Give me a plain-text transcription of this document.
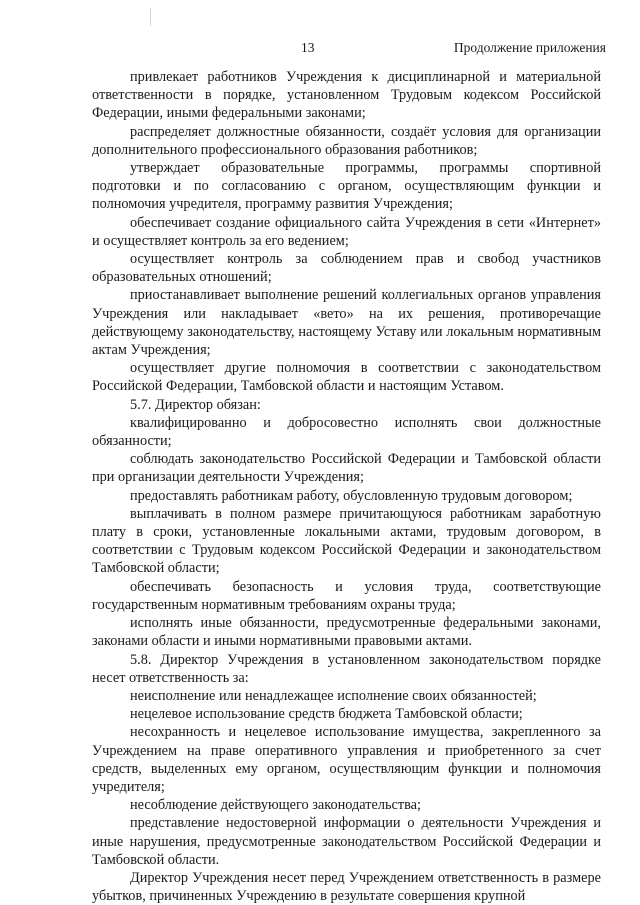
13	Продолжение приложения

привлекает работников Учреждения к дисциплинарной и материальной ответственности в порядке, установленном Трудовым кодексом Российской Федерации, иными федеральными законами;

распределяет должностные обязанности, создаёт условия для организации дополнительного профессионального образования работников;

утверждает образовательные программы, программы спортивной подготовки и по согласованию с органом, осуществляющим функции и полномочия учредителя, программу развития Учреждения;

обеспечивает создание официального сайта Учреждения в сети «Интернет» и осуществляет контроль за его ведением;

осуществляет контроль за соблюдением прав и свобод участников образовательных отношений;

приостанавливает выполнение решений коллегиальных органов управления Учреждения или накладывает «вето» на их решения, противоречащие действующему законодательству, настоящему Уставу или локальным нормативным актам Учреждения;

осуществляет другие полномочия в соответствии с законодательством Российской Федерации, Тамбовской области и настоящим Уставом.

5.7. Директор обязан:

квалифицированно и добросовестно исполнять свои должностные обязанности;

соблюдать законодательство Российской Федерации и Тамбовской области при организации деятельности Учреждения;

предоставлять работникам работу, обусловленную трудовым договором;

выплачивать в полном размере причитающуюся работникам заработную плату в сроки, установленные локальными актами, трудовым договором, в соответствии с Трудовым кодексом Российской Федерации и законодательством Тамбовской области;

обеспечивать безопасность и условия труда, соответствующие государственным нормативным требованиям охраны труда;

исполнять иные обязанности, предусмотренные федеральными законами, законами области и иными нормативными правовыми актами.

5.8. Директор Учреждения в установленном законодательством порядке несет ответственность за:

неисполнение или ненадлежащее исполнение своих обязанностей;

нецелевое использование средств бюджета Тамбовской области;

несохранность и нецелевое использование имущества, закрепленного за Учреждением на праве оперативного управления и приобретенного за счет средств, выделенных ему органом, осуществляющим функции и полномочия учредителя;

несоблюдение действующего законодательства;

представление недостоверной информации о деятельности Учреждения и иные нарушения, предусмотренные законодательством Российской Федерации и Тамбовской области.

Директор Учреждения несет перед Учреждением ответственность в размере убытков, причиненных Учреждению в результате совершения крупной
